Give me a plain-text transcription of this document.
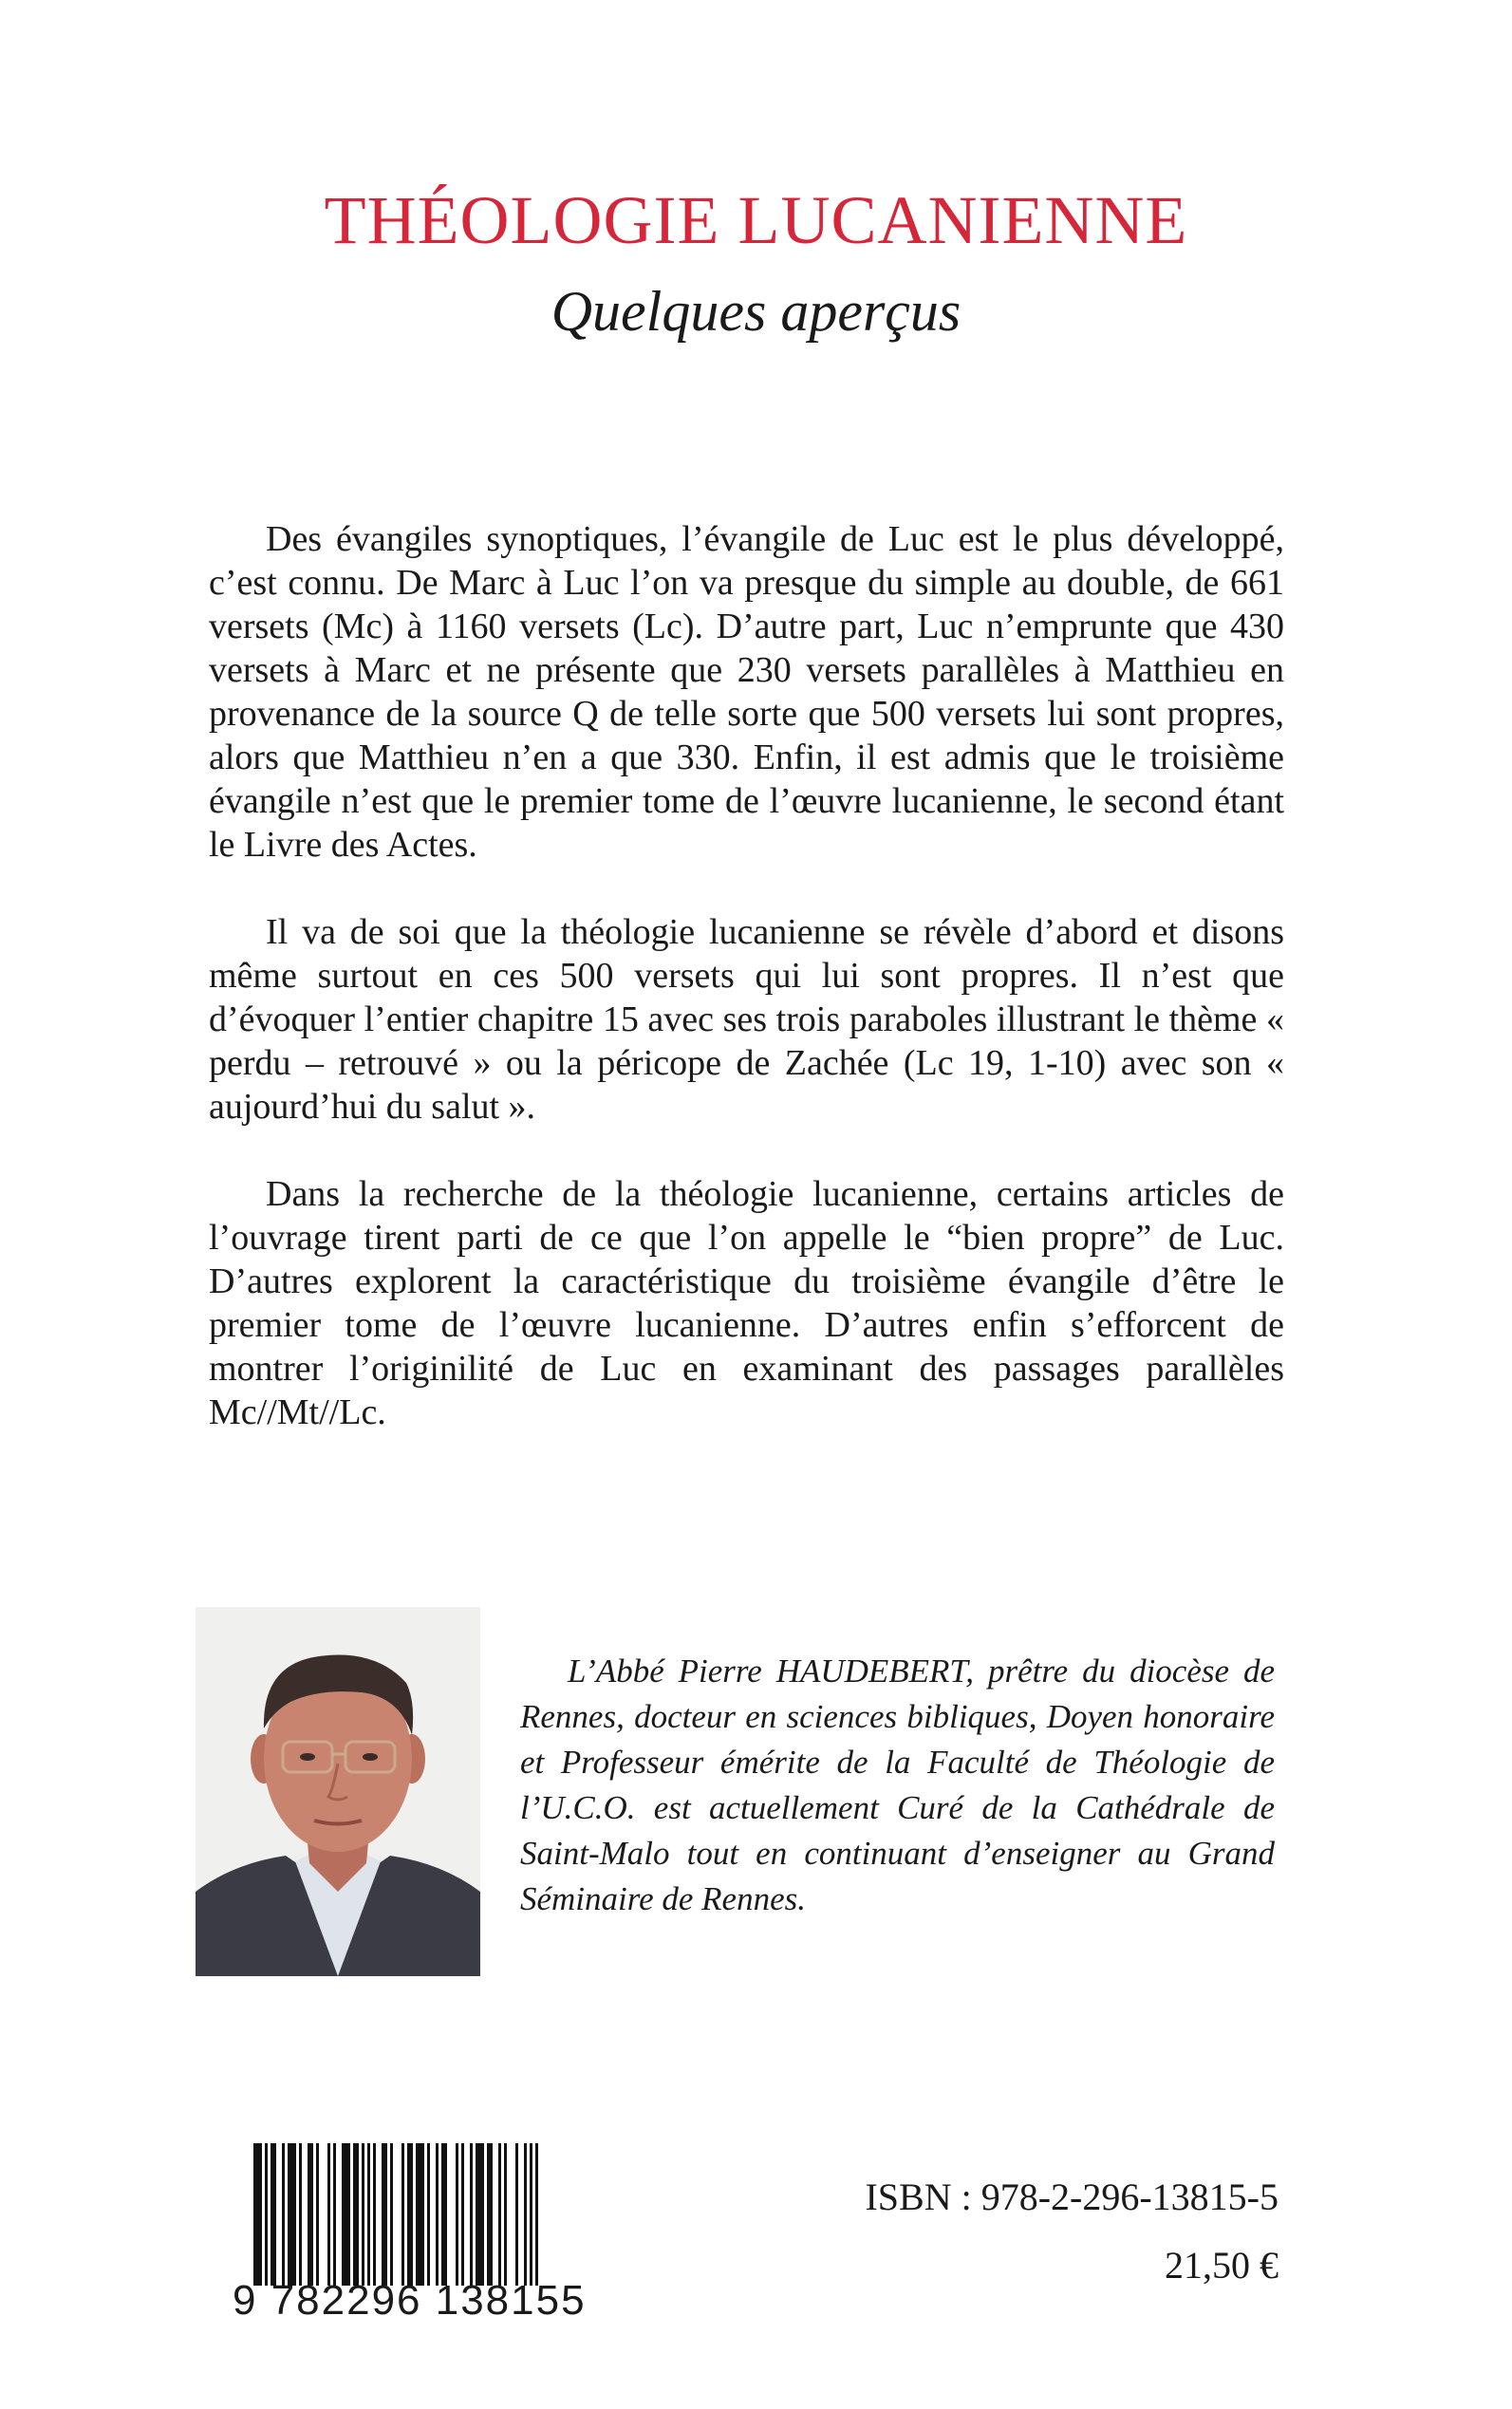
THÉOLOGIE LUCANIENNE
Quelques aperçus

Des évangiles synoptiques, l’évangile de Luc est le plus développé, c’est connu. De Marc à Luc l’on va presque du simple au double, de 661 versets (Mc) à 1160 versets (Lc). D’autre part, Luc n’emprunte que 430 versets à Marc et ne présente que 230 versets parallèles à Matthieu en provenance de la source Q de telle sorte que 500 versets lui sont propres, alors que Matthieu n’en a que 330. Enfin, il est admis que le troisième évangile n’est que le premier tome de l’œuvre lucanienne, le second étant le Livre des Actes.

Il va de soi que la théologie lucanienne se révèle d’abord et disons même surtout en ces 500 versets qui lui sont propres. Il n’est que d’évoquer l’entier chapitre 15 avec ses trois paraboles illustrant le thème « perdu – retrouvé » ou la péricope de Zachée (Lc 19, 1-10) avec son « aujourd’hui du salut ».

Dans la recherche de la théologie lucanienne, certains articles de l’ouvrage tirent parti de ce que l’on appelle le “bien propre” de Luc. D’autres explorent la caractéristique du troisième évangile d’être le premier tome de l’œuvre lucanienne. D’autres enfin s’efforcent de montrer l’originilité de Luc en examinant des passages parallèles Mc//Mt//Lc.

L’Abbé Pierre HAUDEBERT, prêtre du diocèse de Rennes, docteur en sciences bibliques, Doyen honoraire et Professeur émérite de la Faculté de Théologie de l’U.C.O. est actuellement Curé de la Cathédrale de Saint-Malo tout en continuant d’enseigner au Grand Séminaire de Rennes.

9 782296 138155
ISBN : 978-2-296-13815-5
21,50 €
